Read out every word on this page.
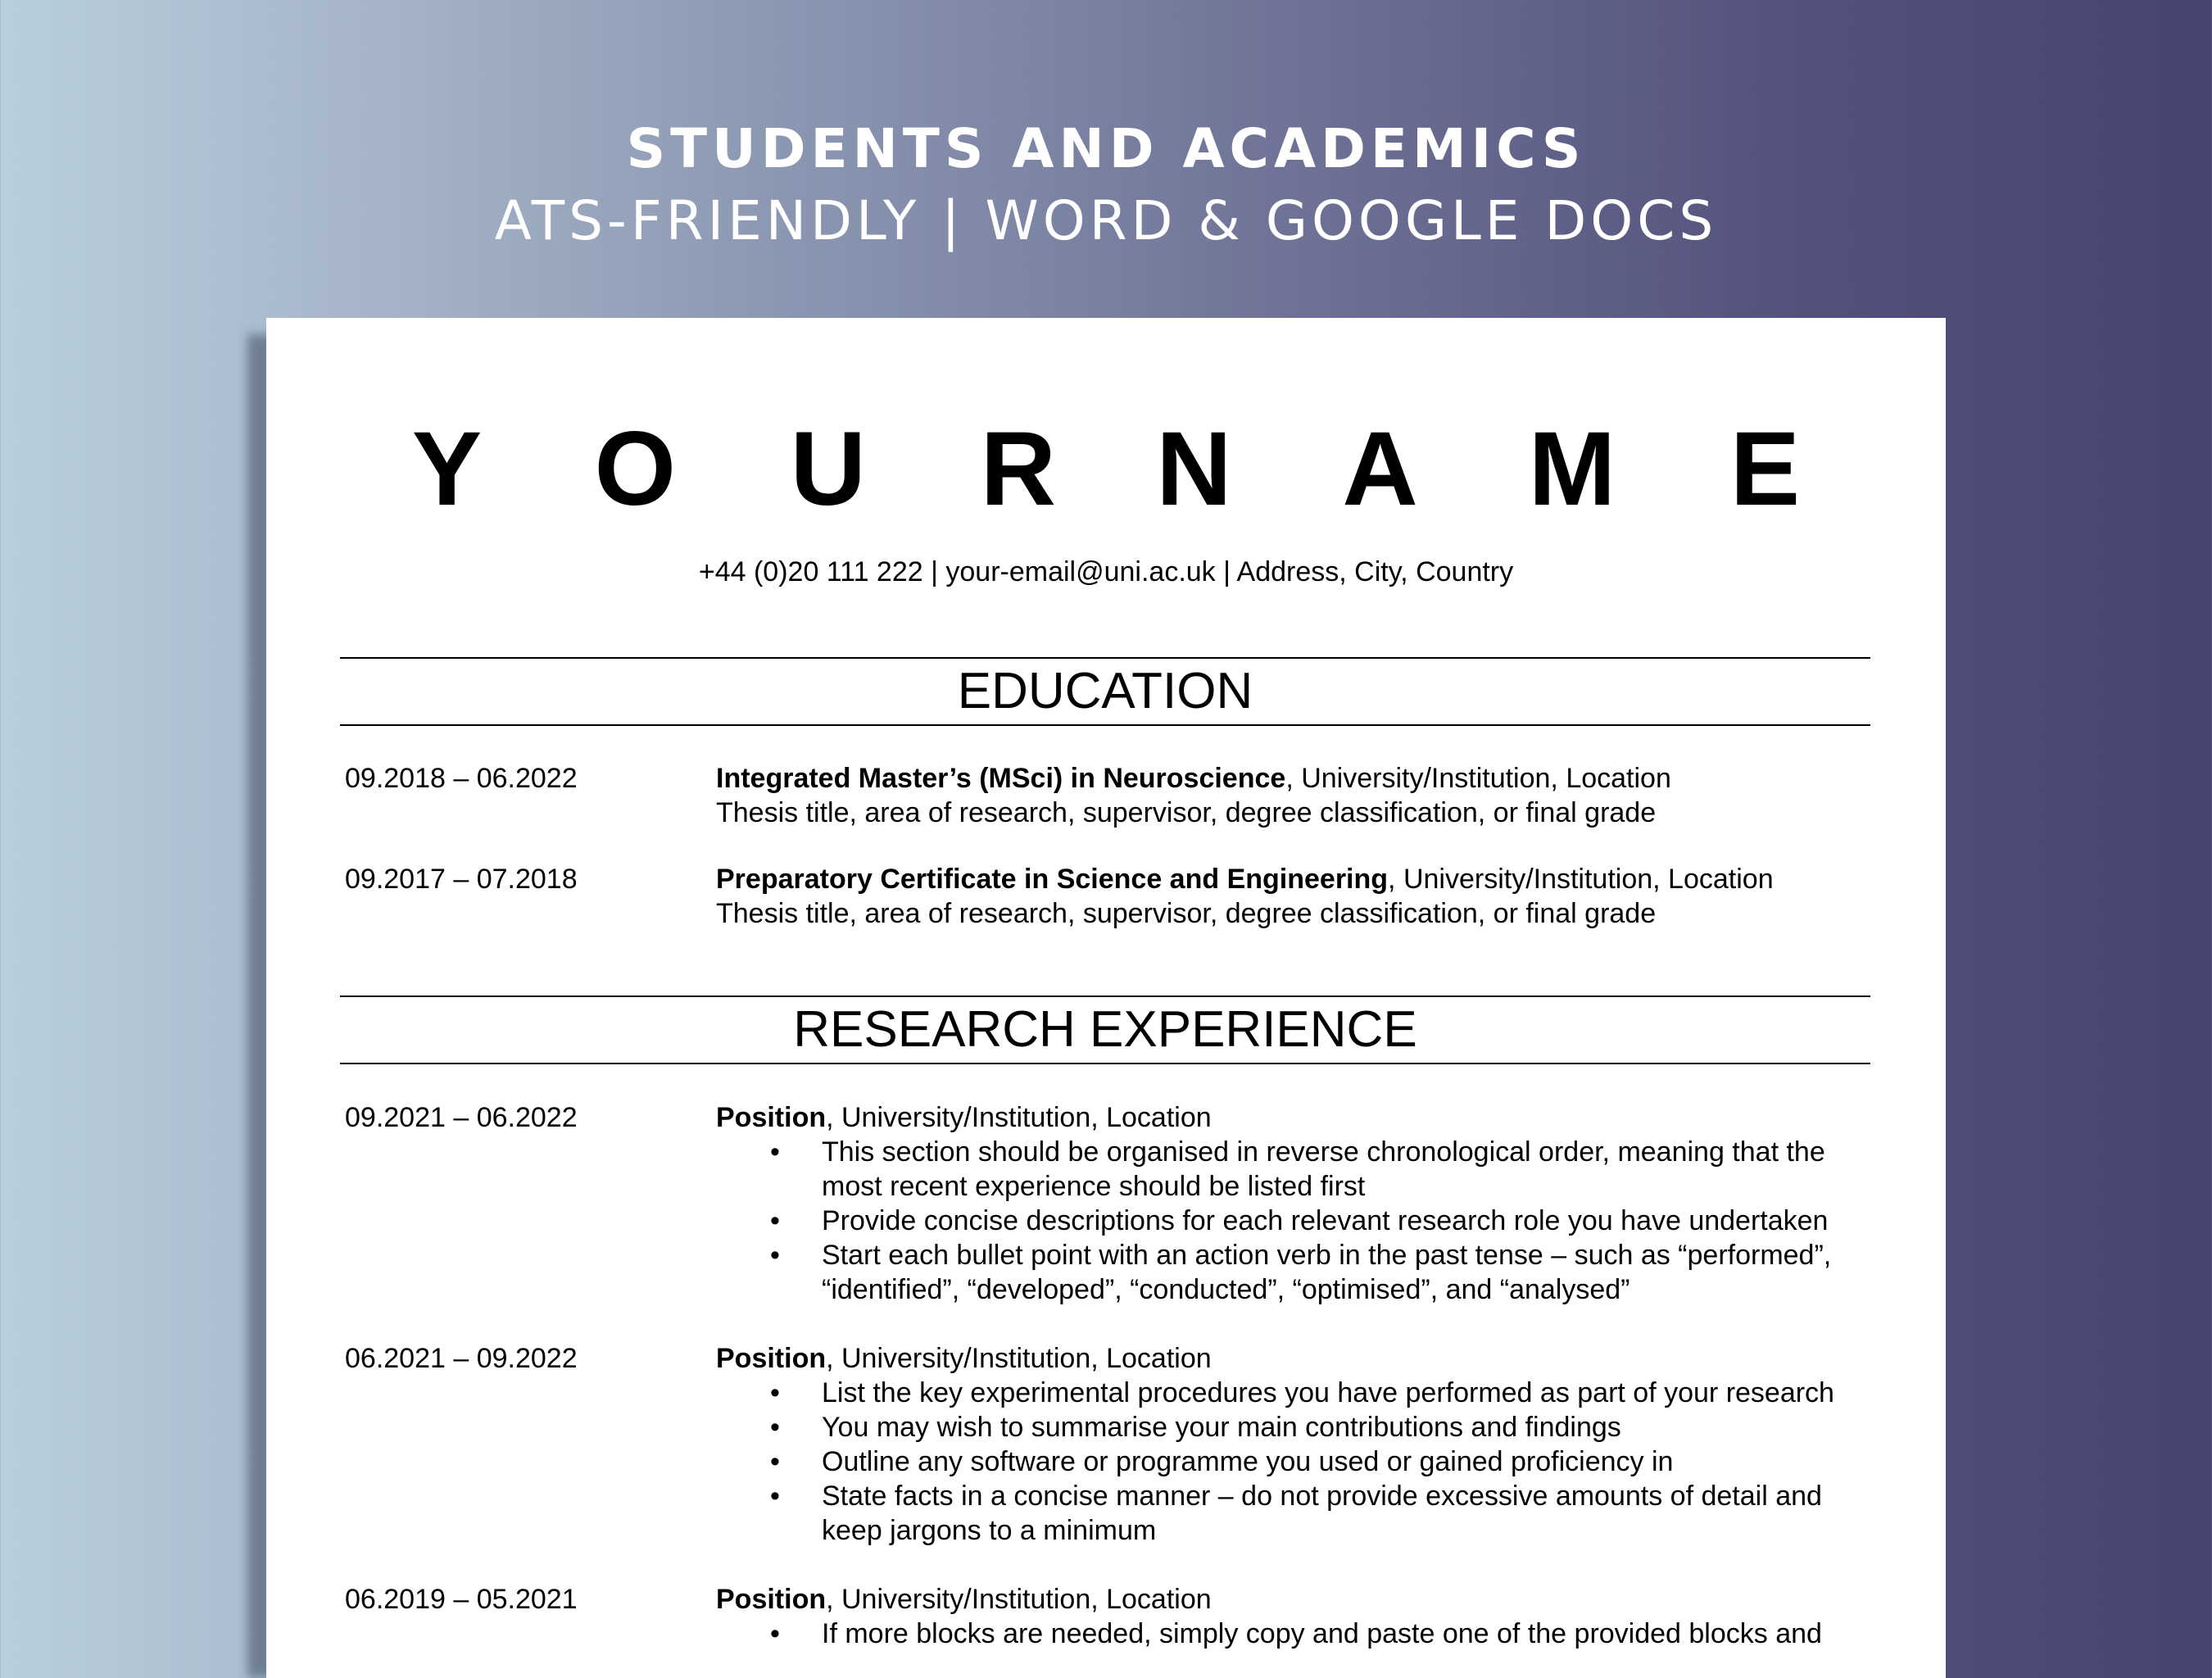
STUDENTS AND ACADEMICS
ATS-FRIENDLY | WORD & GOOGLE DOCS
Y O U R N A M E
+44 (0)20 111 222 | your-email@uni.ac.uk | Address, City, Country
EDUCATION
09.2018 – 06.2022	Integrated Master’s (MSci) in Neuroscience, University/Institution, Location
Thesis title, area of research, supervisor, degree classification, or final grade
09.2017 – 07.2018	Preparatory Certificate in Science and Engineering, University/Institution, Location
Thesis title, area of research, supervisor, degree classification, or final grade
RESEARCH EXPERIENCE
09.2021 – 06.2022	Position, University/Institution, Location
• This section should be organised in reverse chronological order, meaning that the most recent experience should be listed first
• Provide concise descriptions for each relevant research role you have undertaken
• Start each bullet point with an action verb in the past tense – such as “performed”, “identified”, “developed”, “conducted”, “optimised”, and “analysed”
06.2021 – 09.2022	Position, University/Institution, Location
• List the key experimental procedures you have performed as part of your research
• You may wish to summarise your main contributions and findings
• Outline any software or programme you used or gained proficiency in
• State facts in a concise manner – do not provide excessive amounts of detail and keep jargons to a minimum
06.2019 – 05.2021	Position, University/Institution, Location
• If more blocks are needed, simply copy and paste one of the provided blocks and
